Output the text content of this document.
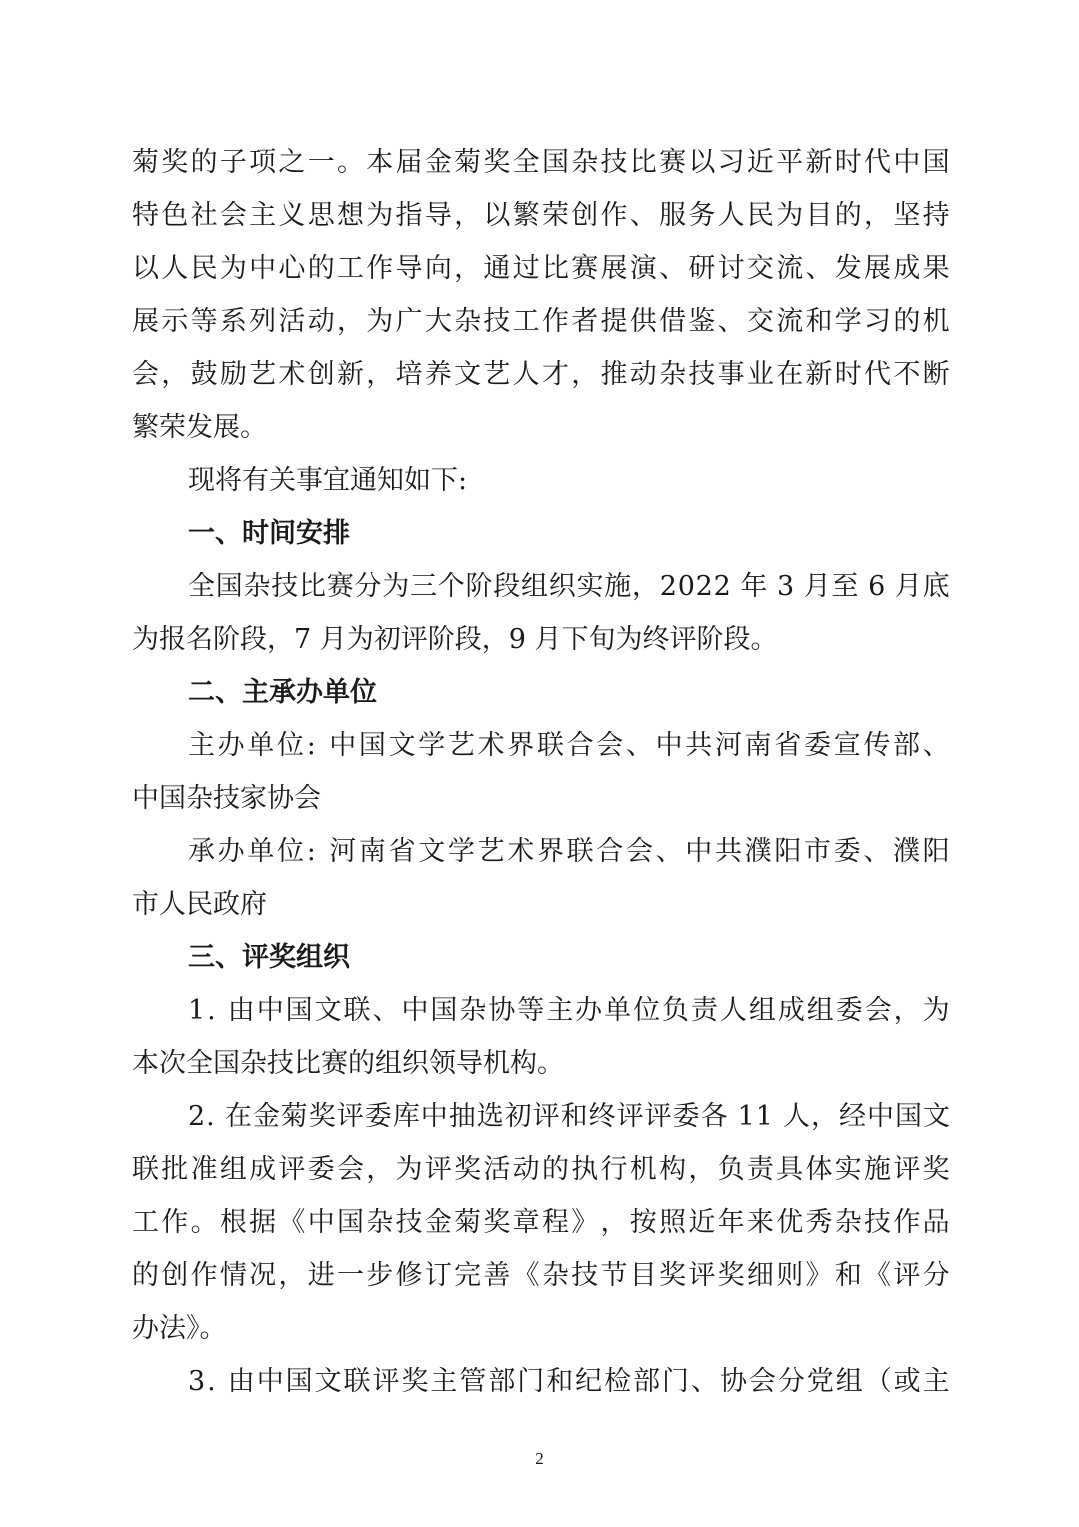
菊 奖 的 子 项 之 一 。 本 届 金 菊 奖 全 国 杂 技 比 赛 以 习 近 平 新 时 代 中 国
特 色 社 会 主 义 思 想 为 指 导 ， 以 繁 荣 创 作 、 服 务 人 民 为 目 的 ， 坚 持
以 人 民 为 中 心 的 工 作 导 向 ， 通 过 比 赛 展 演 、 研 讨 交 流 、 发 展 成 果
展 示 等 系 列 活 动 ， 为 广 大 杂 技 工 作 者 提 供 借 鉴 、 交 流 和 学 习 的 机
会 ， 鼓 励 艺 术 创 新 ， 培 养 文 艺 人 才 ， 推 动 杂 技 事 业 在 新 时 代 不 断
繁荣发展。
现将有关事宜通知如下:
一、时间安排
全 国 杂 技 比 赛 分 为 三 个 阶 段 组 织 实 施 ， 2 0 2 2 年 3 月 至 6 月 底
为报名阶段，7 月为初评阶段，9 月下旬为终评阶段。
二、主承办单位
主 办 单 位 : 中 国 文 学 艺 术 界 联 合 会 、 中 共 河 南 省 委 宣 传 部 、
中国杂技家协会
承 办 单 位 : 河 南 省 文 学 艺 术 界 联 合 会 、 中 共 濮 阳 市 委 、 濮 阳
市人民政府
三、评奖组织
1 . 由 中 国 文 联 、 中 国 杂 协 等 主 办 单 位 负 责 人 组 成 组 委 会 ， 为
本次全国杂技比赛的组织领导机构。
2 . 在 金 菊 奖 评 委 库 中 抽 选 初 评 和 终 评 评 委 各 1 1 人 ， 经 中 国 文
联 批 准 组 成 评 委 会 ， 为 评 奖 活 动 的 执 行 机 构 ， 负 责 具 体 实 施 评 奖
工 作 。 根 据 《 中 国 杂 技 金 菊 奖 章 程 》 ， 按 照 近 年 来 优 秀 杂 技 作 品
的 创 作 情 况 ， 进 一 步 修 订 完 善 《 杂 技 节 目 奖 评 奖 细 则 》 和 《 评 分
办法》。
3 . 由 中 国 文 联 评 奖 主 管 部 门 和 纪 检 部 门 、 协 会 分 党 组 （ 或 主
2
